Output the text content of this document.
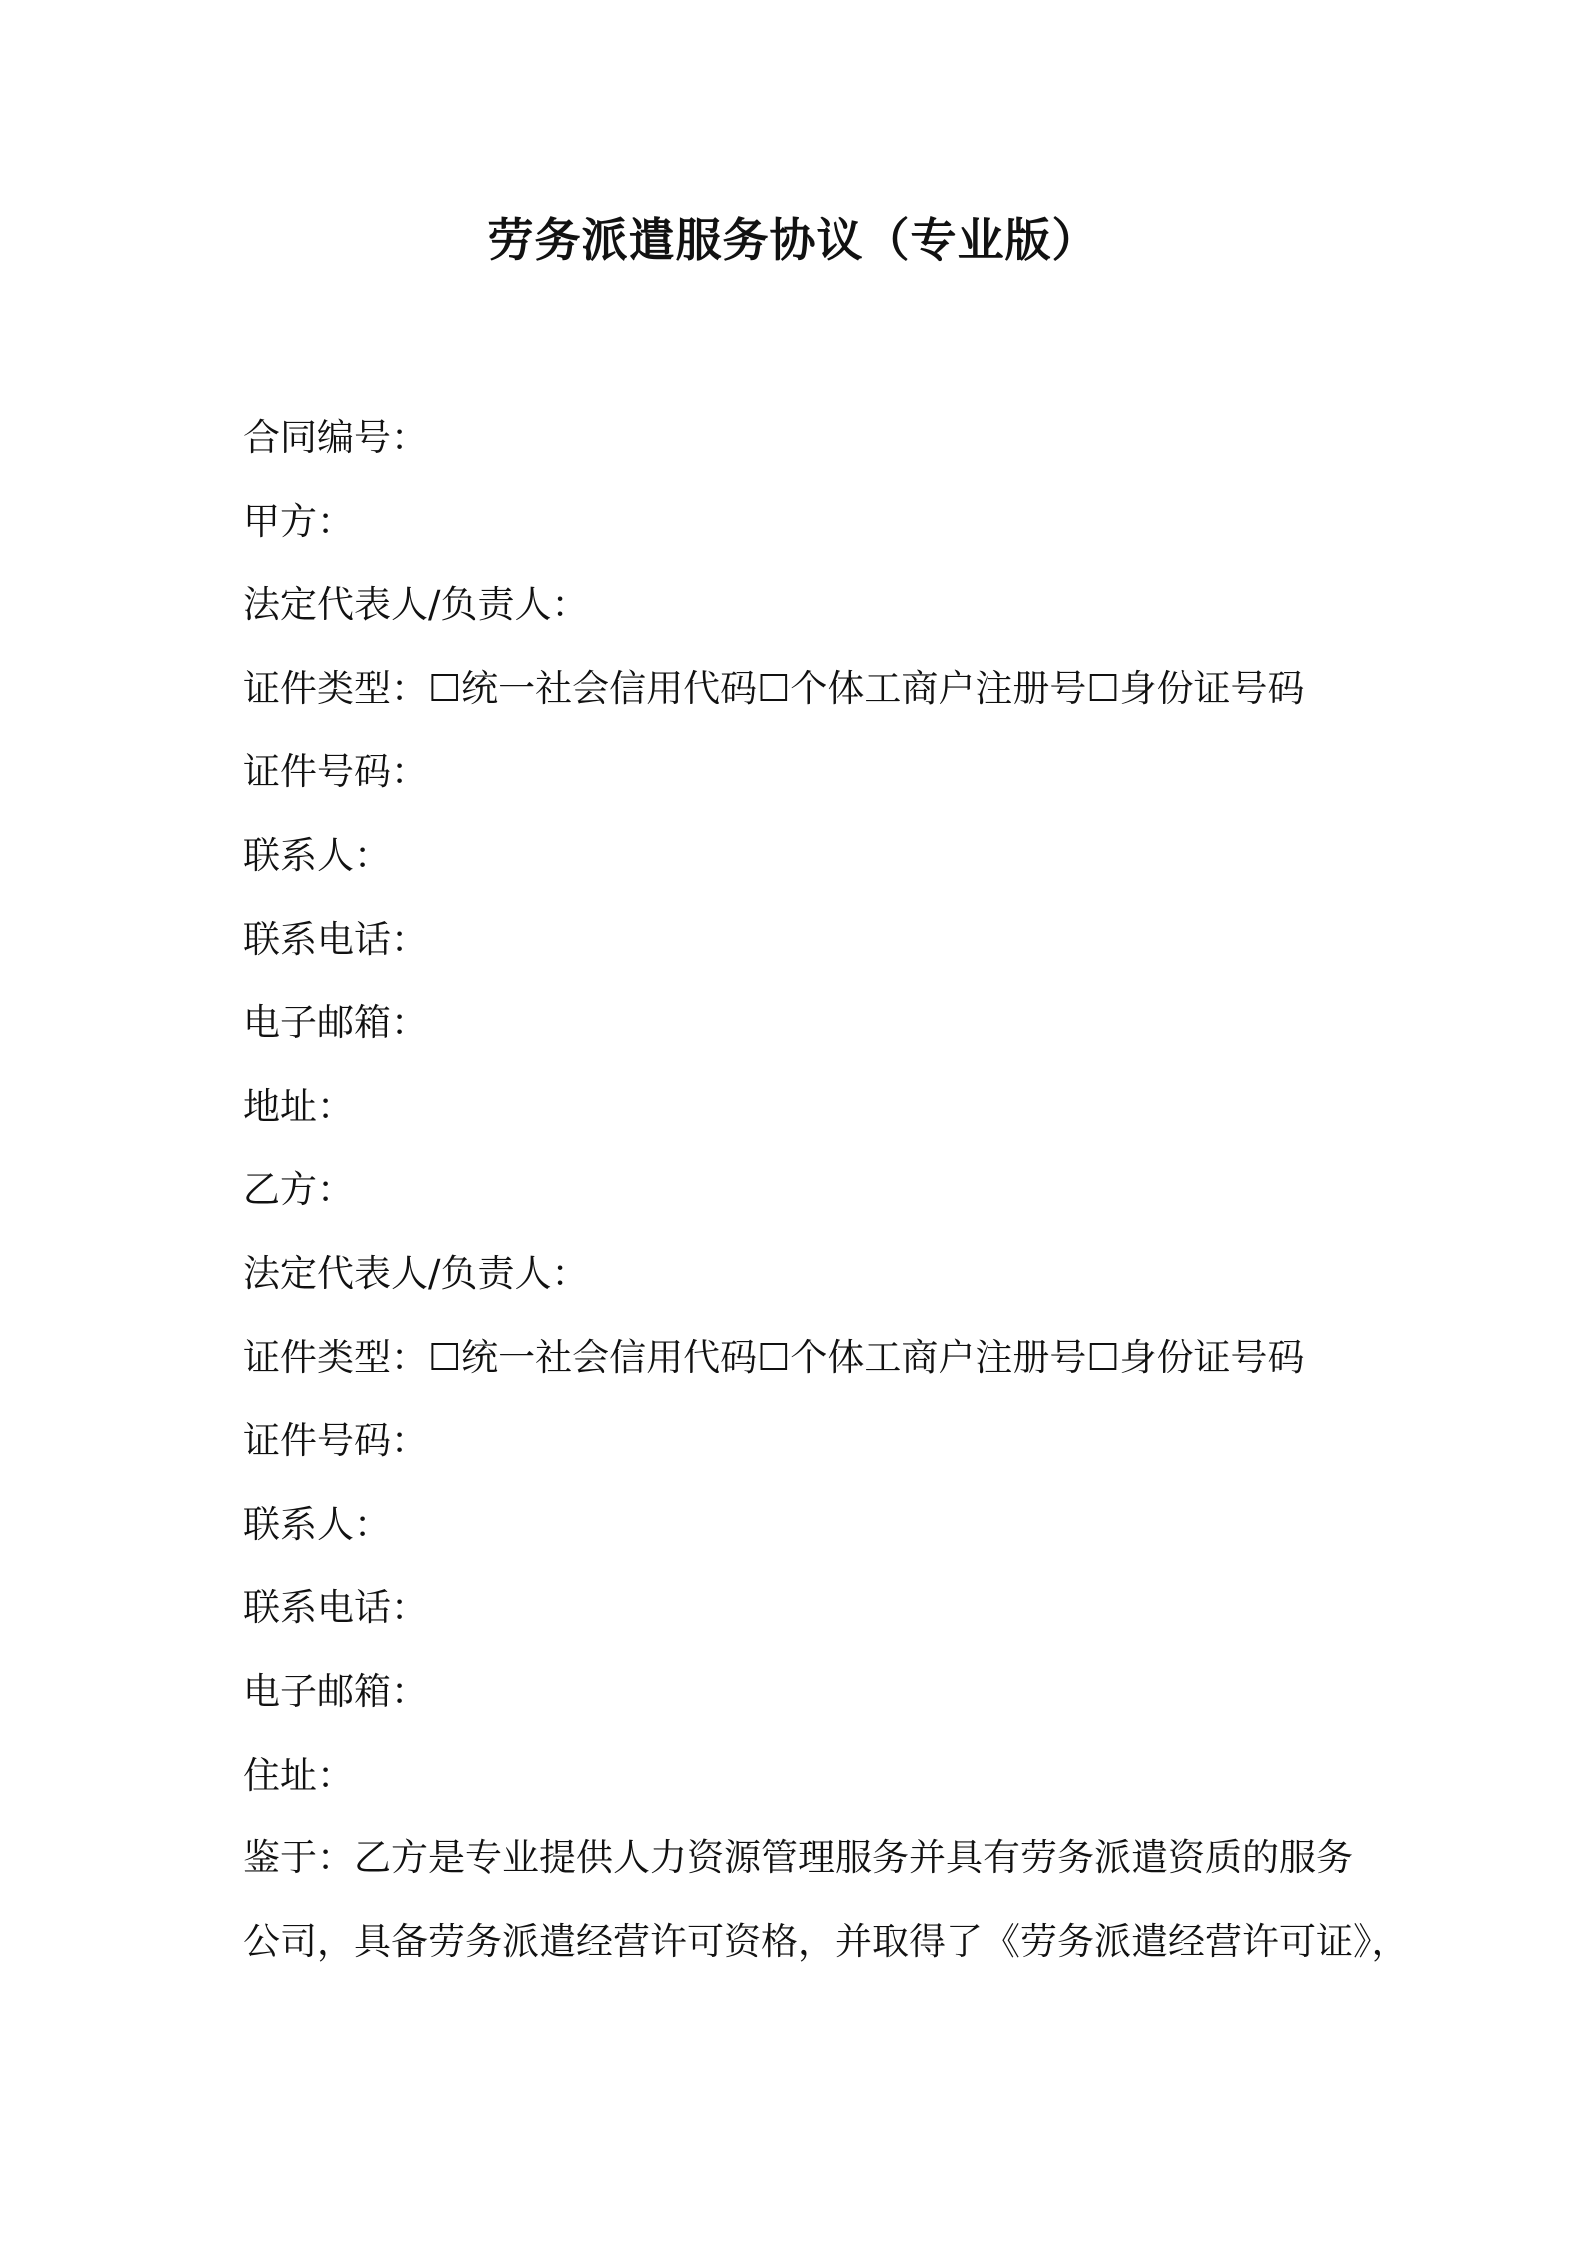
劳务派遣服务协议（专业版）
合同编号：
甲方：
法定代表人/负责人：
证件类型：☐统一社会信用代码☐个体工商户注册号☐身份证号码
证件号码：
联系人：
联系电话：
电子邮箱：
地址：
乙方：
法定代表人/负责人：
证件类型：☐统一社会信用代码☐个体工商户注册号☐身份证号码
证件号码：
联系人：
联系电话：
电子邮箱：
住址：
鉴于：乙方是专业提供人力资源管理服务并具有劳务派遣资质的服务
公司，具备劳务派遣经营许可资格，并取得了《劳务派遣经营许可证》，
